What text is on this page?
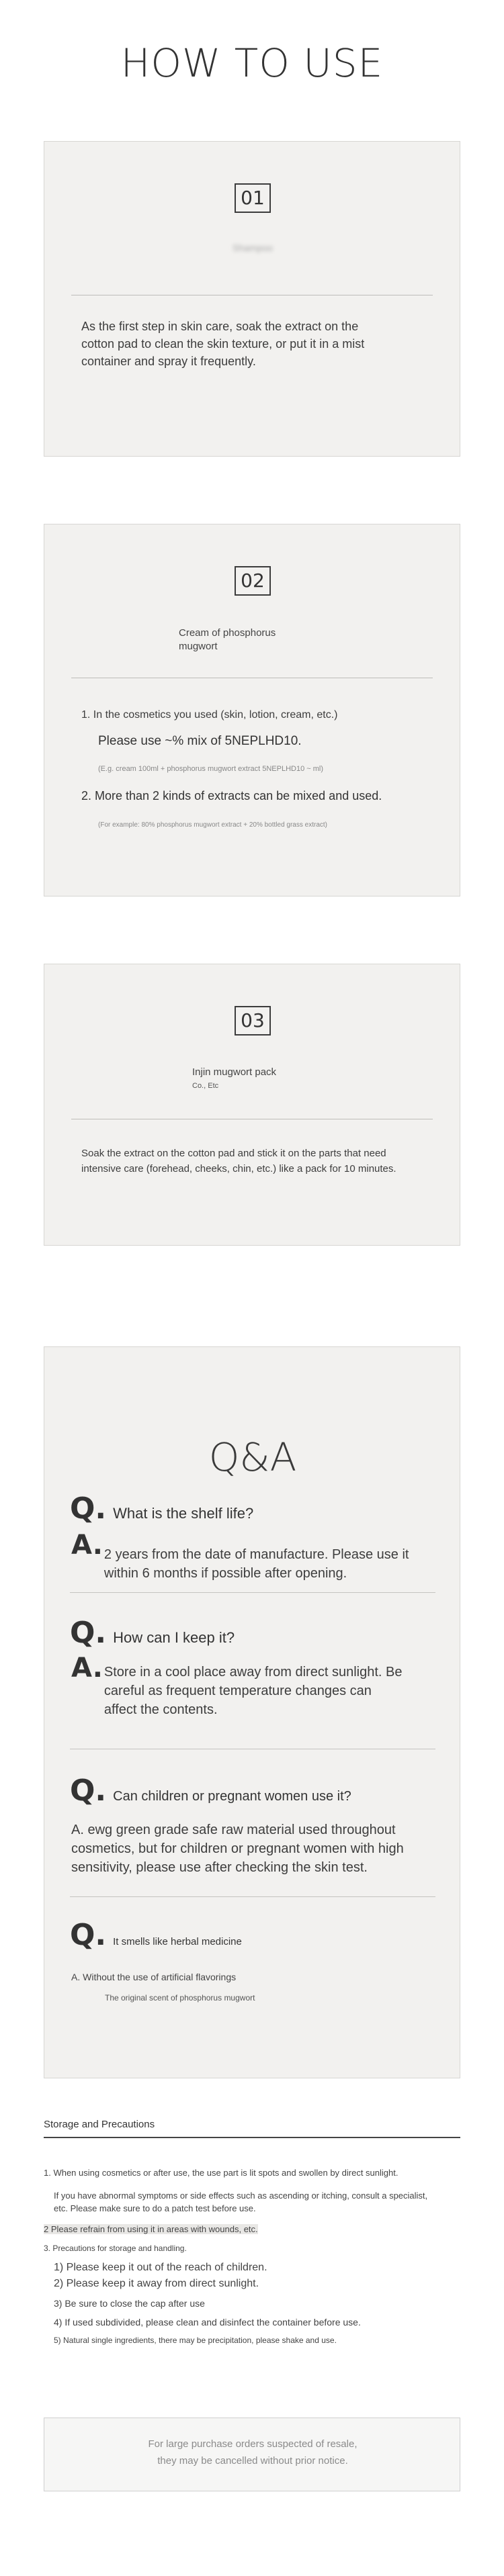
HOW TO USE
01
Shampoo
As the first step in skin care, soak the extract on the cotton pad to clean the skin texture, or put it in a mist container and spray it frequently.
02
Cream of phosphorus mugwort
1. In the cosmetics you used (skin, lotion, cream, etc.)
Please use ~% mix of 5NEPLHD10.
(E.g. cream 100ml + phosphorus mugwort extract 5NEPLHD10 ~ ml)
2. More than 2 kinds of extracts can be mixed and used.
(For example: 80% phosphorus mugwort extract + 20% bottled grass extract)
03
Injin mugwort pack
Co., Etc
Soak the extract on the cotton pad and stick it on the parts that need intensive care (forehead, cheeks, chin, etc.) like a pack for 10 minutes.
Q&A
Q. What is the shelf life?
A. 2 years from the date of manufacture. Please use it within 6 months if possible after opening.
Q. How can I keep it?
A. Store in a cool place away from direct sunlight. Be careful as frequent temperature changes can affect the contents.
Q. Can children or pregnant women use it?
A. ewg green grade safe raw material used throughout cosmetics, but for children or pregnant women with high sensitivity, please use after checking the skin test.
Q. It smells like herbal medicine
A. Without the use of artificial flavorings
The original scent of phosphorus mugwort
Storage and Precautions
1. When using cosmetics or after use, the use part is lit spots and swollen by direct sunlight.
If you have abnormal symptoms or side effects such as ascending or itching, consult a specialist, etc. Please make sure to do a patch test before use.
2 Please refrain from using it in areas with wounds, etc.
3. Precautions for storage and handling.
1) Please keep it out of the reach of children.
2) Please keep it away from direct sunlight.
3) Be sure to close the cap after use
4) If used subdivided, please clean and disinfect the container before use.
5) Natural single ingredients, there may be precipitation, please shake and use.
For large purchase orders suspected of resale,
they may be cancelled without prior notice.
